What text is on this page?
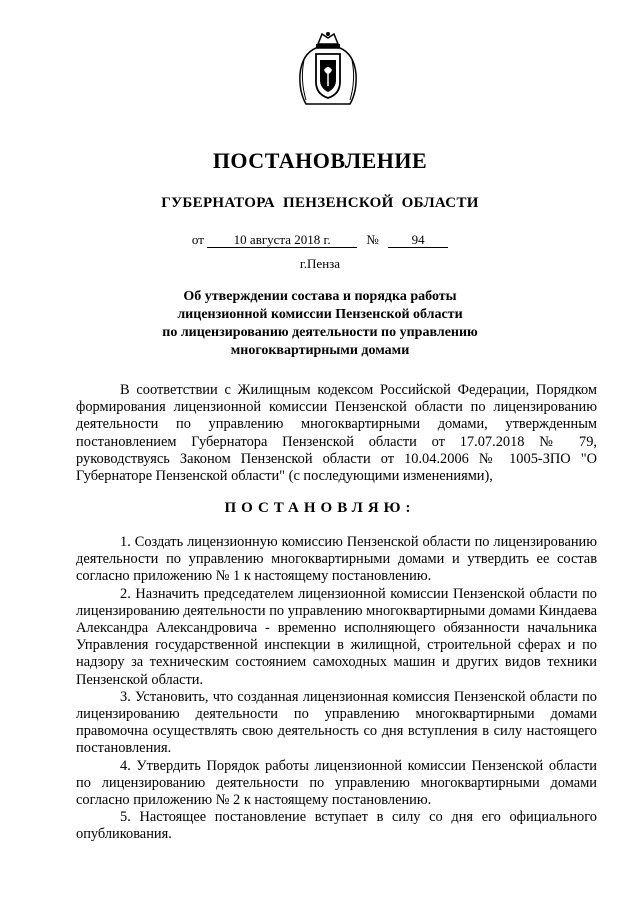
ПОСТАНОВЛЕНИЕ
ГУБЕРНАТОРА ПЕНЗЕНСКОЙ ОБЛАСТИ
от 10 августа 2018 г.	№	94
г.Пенза
Об утверждении состава и порядка работы
лицензионной комиссии Пензенской области
по лицензированию деятельности по управлению
многоквартирными домами

В соответствии с Жилищным кодексом Российской Федерации, Порядком формирования лицензионной комиссии Пензенской области по лицензированию деятельности по управлению многоквартирными домами, утвержденным постановлением Губернатора Пензенской области от 17.07.2018 № 79, руководствуясь Законом Пензенской области от 10.04.2006 № 1005-ЗПО "О Губернаторе Пензенской области" (с последующими изменениями),

ПОСТАНОВЛЯЮ:

1. Создать лицензионную комиссию Пензенской области по лицензированию деятельности по управлению многоквартирными домами и утвердить ее состав согласно приложению № 1 к настоящему постановлению.

2. Назначить председателем лицензионной комиссии Пензенской области по лицензированию деятельности по управлению многоквартирными домами Киндаева Александра Александровича - временно исполняющего обязанности начальника Управления государственной инспекции в жилищной, строительной сферах и по надзору за техническим состоянием самоходных машин и других видов техники Пензенской области.

3. Установить, что созданная лицензионная комиссия Пензенской области по лицензированию деятельности по управлению многоквартирными домами правомочна осуществлять свою деятельность со дня вступления в силу настоящего постановления.

4. Утвердить Порядок работы лицензионной комиссии Пензенской области по лицензированию деятельности по управлению многоквартирными домами согласно приложению № 2 к настоящему постановлению.

5. Настоящее постановление вступает в силу со дня его официального опубликования.
